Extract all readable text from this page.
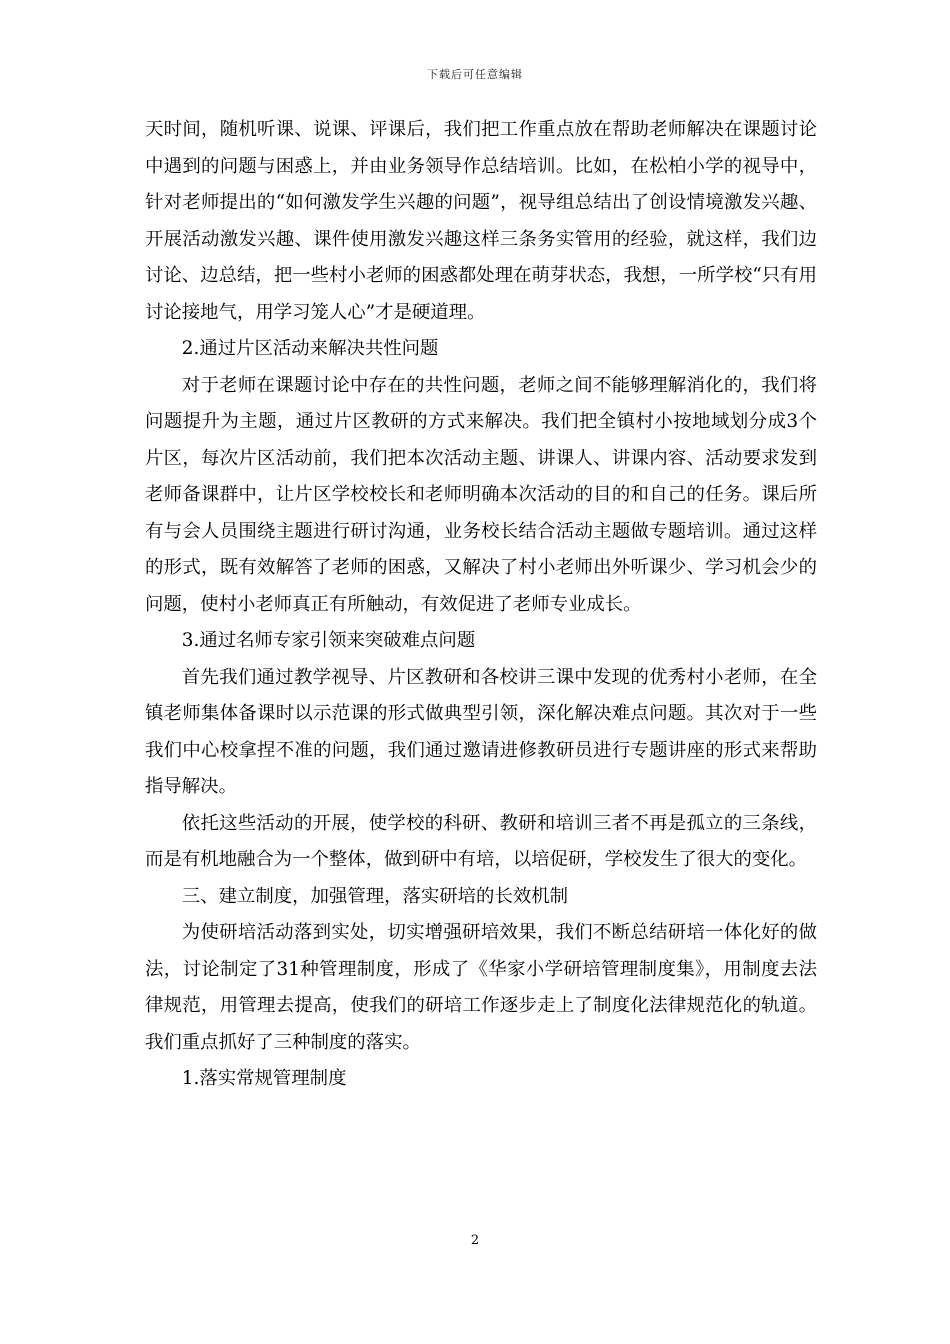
下载后可任意编辑

天时间，随机听课、说课、评课后，我们把工作重点放在帮助老师解决在课题讨论中遇到的问题与困惑上，并由业务领导作总结培训。比如，在松柏小学的视导中，针对老师提出的“如何激发学生兴趣的问题”，视导组总结出了创设情境激发兴趣、开展活动激发兴趣、课件使用激发兴趣这样三条务实管用的经验，就这样，我们边讨论、边总结，把一些村小老师的困惑都处理在萌芽状态，我想，一所学校“只有用讨论接地气，用学习笼人心”才是硬道理。

2.通过片区活动来解决共性问题

对于老师在课题讨论中存在的共性问题，老师之间不能够理解消化的，我们将问题提升为主题，通过片区教研的方式来解决。我们把全镇村小按地域划分成3个片区，每次片区活动前，我们把本次活动主题、讲课人、讲课内容、活动要求发到老师备课群中，让片区学校校长和老师明确本次活动的目的和自己的任务。课后所有与会人员围绕主题进行研讨沟通，业务校长结合活动主题做专题培训。通过这样的形式，既有效解答了老师的困惑，又解决了村小老师出外听课少、学习机会少的问题，使村小老师真正有所触动，有效促进了老师专业成长。

3.通过名师专家引领来突破难点问题

首先我们通过教学视导、片区教研和各校讲三课中发现的优秀村小老师，在全镇老师集体备课时以示范课的形式做典型引领，深化解决难点问题。其次对于一些我们中心校拿捏不准的问题，我们通过邀请进修教研员进行专题讲座的形式来帮助指导解决。

依托这些活动的开展，使学校的科研、教研和培训三者不再是孤立的三条线，而是有机地融合为一个整体，做到研中有培，以培促研，学校发生了很大的变化。

三、建立制度，加强管理，落实研培的长效机制

为使研培活动落到实处，切实增强研培效果，我们不断总结研培一体化好的做法，讨论制定了31种管理制度，形成了《华家小学研培管理制度集》，用制度去法律规范，用管理去提高，使我们的研培工作逐步走上了制度化法律规范化的轨道。我们重点抓好了三种制度的落实。

1.落实常规管理制度

2
